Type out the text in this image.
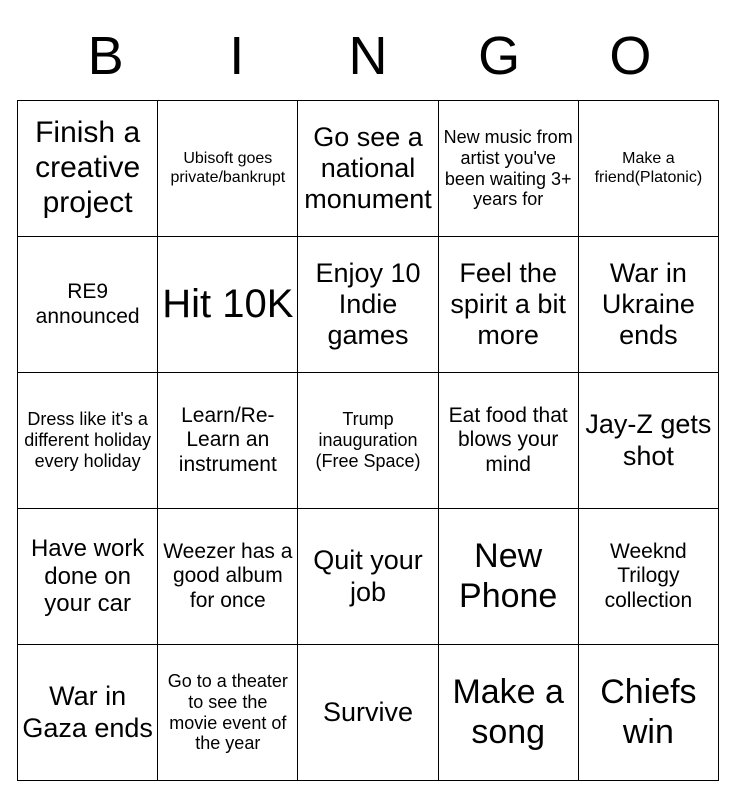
B	I	N	G	O
Finish a creative project	Ubisoft goes private/bankrupt	Go see a national monument	New music from artist you've been waiting 3+ years for	Make a friend(Platonic)

RE9 announced	Hit 10K	Enjoy 10 Indie games	Feel the spirit a bit more	War in Ukraine ends

Dress like it's a different holiday every holiday	Learn/Re-Learn an instrument	Trump inauguration (Free Space)	Eat food that blows your mind	Jay-Z gets shot

Have work done on your car	Weezer has a good album for once	Quit your job	New Phone	Weeknd Trilogy collection

War in Gaza ends	Go to a theater to see the movie event of the year	Survive	Make a song	Chiefs win
